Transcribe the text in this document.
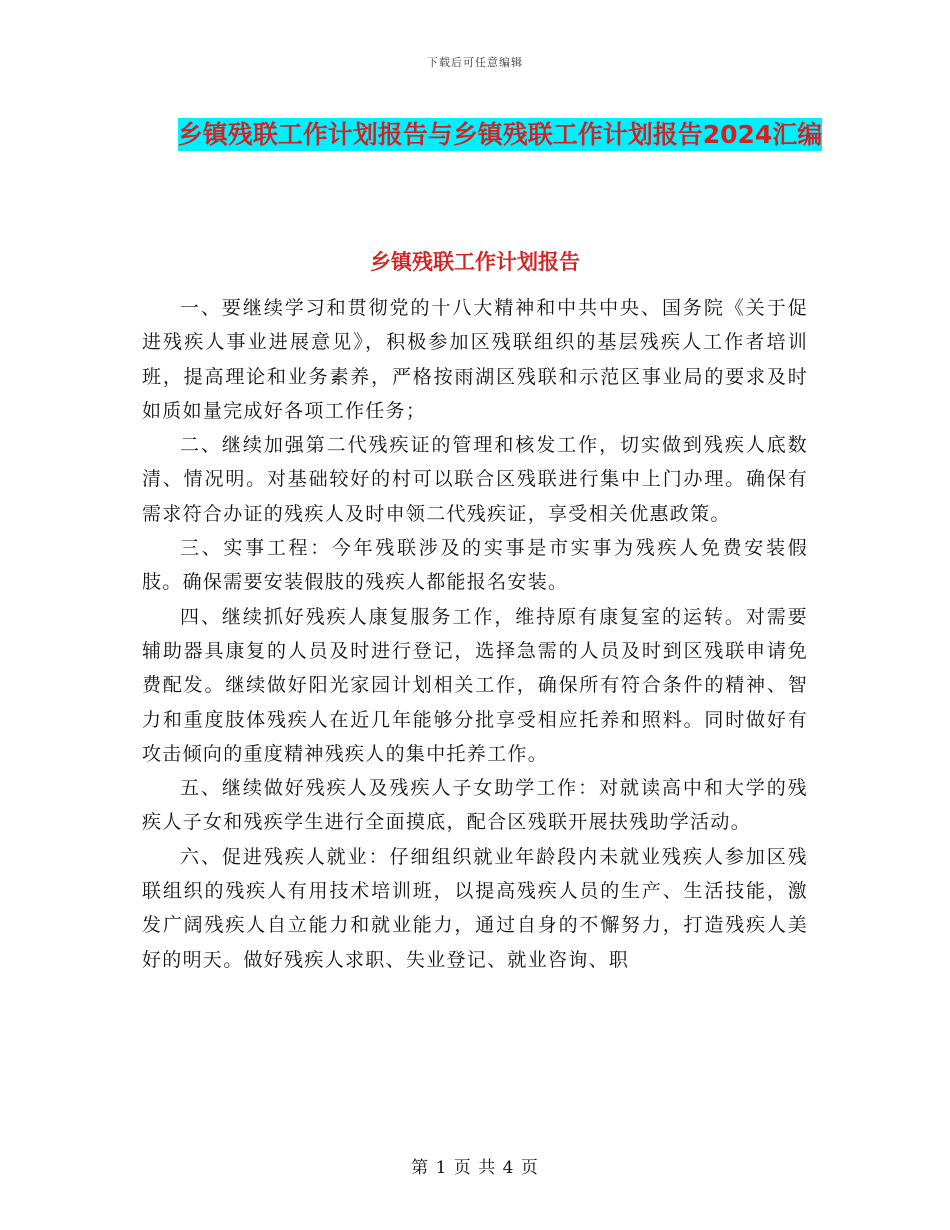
下载后可任意编辑
乡镇残联工作计划报告与乡镇残联工作计划报告2024汇编
乡镇残联工作计划报告

一、要继续学习和贯彻党的十八大精神和中共中央、国务院《关于促进残疾人事业进展意见》，积极参加区残联组织的基层残疾人工作者培训班，提高理论和业务素养，严格按雨湖区残联和示范区事业局的要求及时如质如量完成好各项工作任务；

二、继续加强第二代残疾证的管理和核发工作，切实做到残疾人底数清、情况明。对基础较好的村可以联合区残联进行集中上门办理。确保有需求符合办证的残疾人及时申领二代残疾证，享受相关优惠政策。

三、实事工程：今年残联涉及的实事是市实事为残疾人免费安装假肢。确保需要安装假肢的残疾人都能报名安装。

四、继续抓好残疾人康复服务工作，维持原有康复室的运转。对需要辅助器具康复的人员及时进行登记，选择急需的人员及时到区残联申请免费配发。继续做好阳光家园计划相关工作，确保所有符合条件的精神、智力和重度肢体残疾人在近几年能够分批享受相应托养和照料。同时做好有攻击倾向的重度精神残疾人的集中托养工作。

五、继续做好残疾人及残疾人子女助学工作：对就读高中和大学的残疾人子女和残疾学生进行全面摸底，配合区残联开展扶残助学活动。

六、促进残疾人就业：仔细组织就业年龄段内未就业残疾人参加区残联组织的残疾人有用技术培训班，以提高残疾人员的生产、生活技能，激发广阔残疾人自立能力和就业能力，通过自身的不懈努力，打造残疾人美好的明天。做好残疾人求职、失业登记、就业咨询、职

第 1 页 共 4 页
